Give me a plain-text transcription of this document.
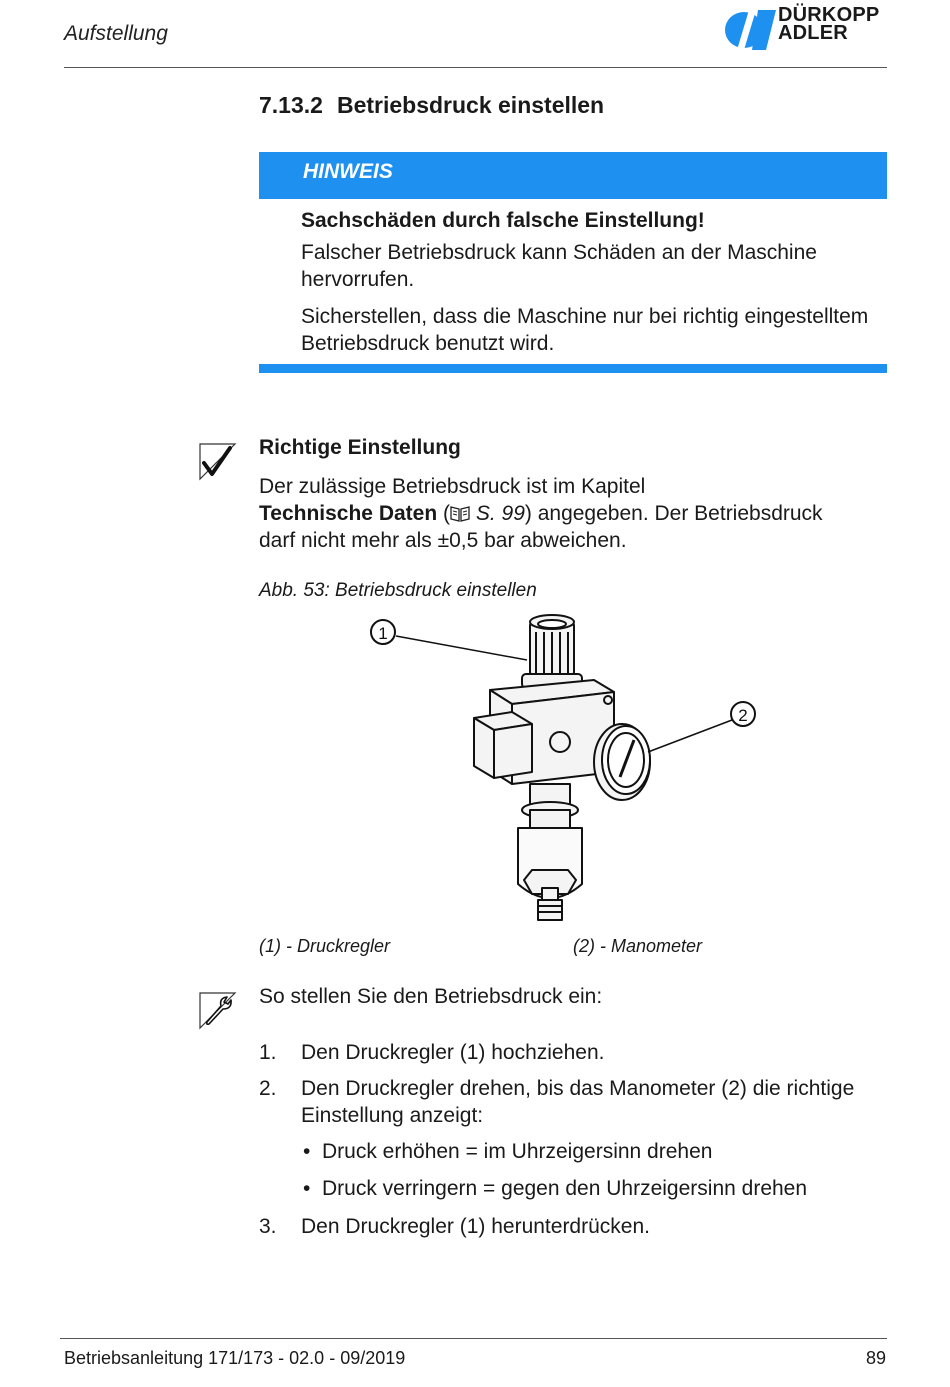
Aufstellung
DÜRKOPP
ADLER
7.13.2 Betriebsdruck einstellen
HINWEIS
Sachschäden durch falsche Einstellung!
Falscher Betriebsdruck kann Schäden an der Maschine hervorrufen.
Sicherstellen, dass die Maschine nur bei richtig eingestelltem Betriebsdruck benutzt wird.
Richtige Einstellung
Der zulässige Betriebsdruck ist im Kapitel
Technische Daten ( S. 99) angegeben. Der Betriebsdruck
darf nicht mehr als ±0,5 bar abweichen.
Abb. 53: Betriebsdruck einstellen
1
2
(1) - Druckregler	(2) - Manometer
So stellen Sie den Betriebsdruck ein:
1. Den Druckregler (1) hochziehen.
2. Den Druckregler drehen, bis das Manometer (2) die richtige Einstellung anzeigt:
• Druck erhöhen = im Uhrzeigersinn drehen
• Druck verringern = gegen den Uhrzeigersinn drehen
3. Den Druckregler (1) herunterdrücken.
Betriebsanleitung 171/173 - 02.0 - 09/2019	89
